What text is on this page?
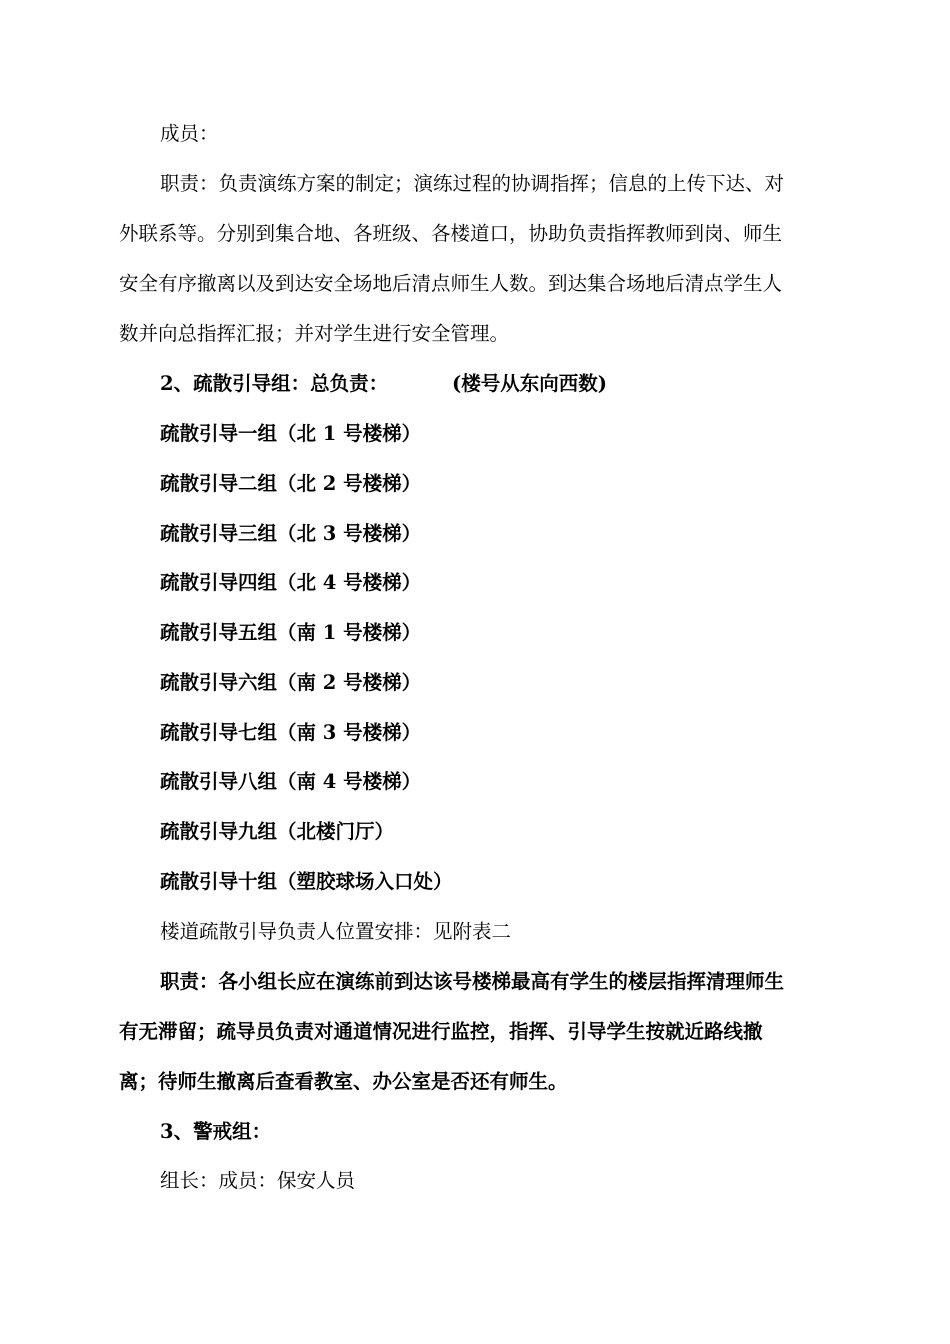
成员：

职责：负责演练方案的制定；演练过程的协调指挥；信息的上传下达、对

外联系等。分别到集合地、各班级、各楼道口，协助负责指挥教师到岗、师生

安全有序撤离以及到达安全场地后清点师生人数。到达集合场地后清点学生人

数并向总指挥汇报；并对学生进行安全管理。

2、疏散引导组：总负责：	(楼号从东向西数)

疏散引导一组（北 1 号楼梯）

疏散引导二组（北 2 号楼梯）

疏散引导三组（北 3 号楼梯）

疏散引导四组（北 4 号楼梯）

疏散引导五组（南 1 号楼梯）

疏散引导六组（南 2 号楼梯）

疏散引导七组（南 3 号楼梯）

疏散引导八组（南 4 号楼梯）

疏散引导九组（北楼门厅）

疏散引导十组（塑胶球场入口处）

楼道疏散引导负责人位置安排：见附表二

职责：各小组长应在演练前到达该号楼梯最高有学生的楼层指挥清理师生

有无滞留；疏导员负责对通道情况进行监控，指挥、引导学生按就近路线撤

离；待师生撤离后查看教室、办公室是否还有师生。

3、警戒组：

组长：成员：保安人员
